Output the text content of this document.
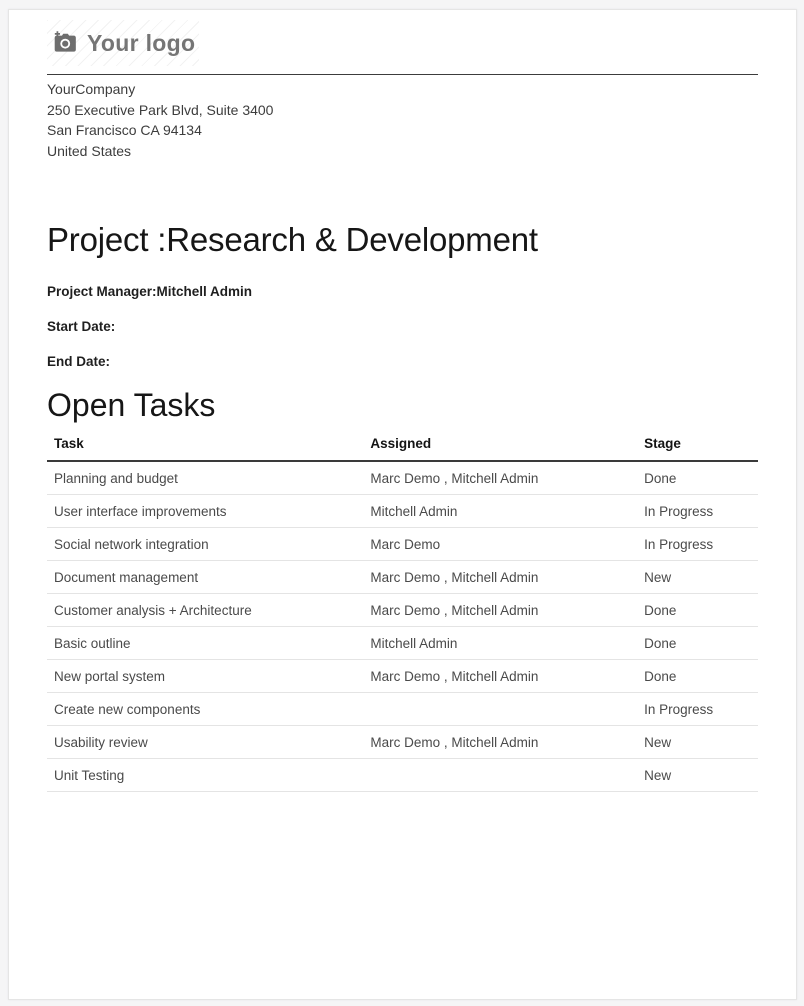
Your logo
YourCompany
250 Executive Park Blvd, Suite 3400
San Francisco CA 94134
United States
Project :Research & Development

Project Manager:Mitchell Admin

Start Date:

End Date:

Open Tasks
Task	Assigned	Stage
Planning and budget	Marc Demo , Mitchell Admin	Done
User interface improvements	Mitchell Admin	In Progress
Social network integration	Marc Demo	In Progress
Document management	Marc Demo , Mitchell Admin	New
Customer analysis + Architecture	Marc Demo , Mitchell Admin	Done
Basic outline	Mitchell Admin	Done
New portal system	Marc Demo , Mitchell Admin	Done
Create new components		In Progress
Usability review	Marc Demo , Mitchell Admin	New
Unit Testing		New
